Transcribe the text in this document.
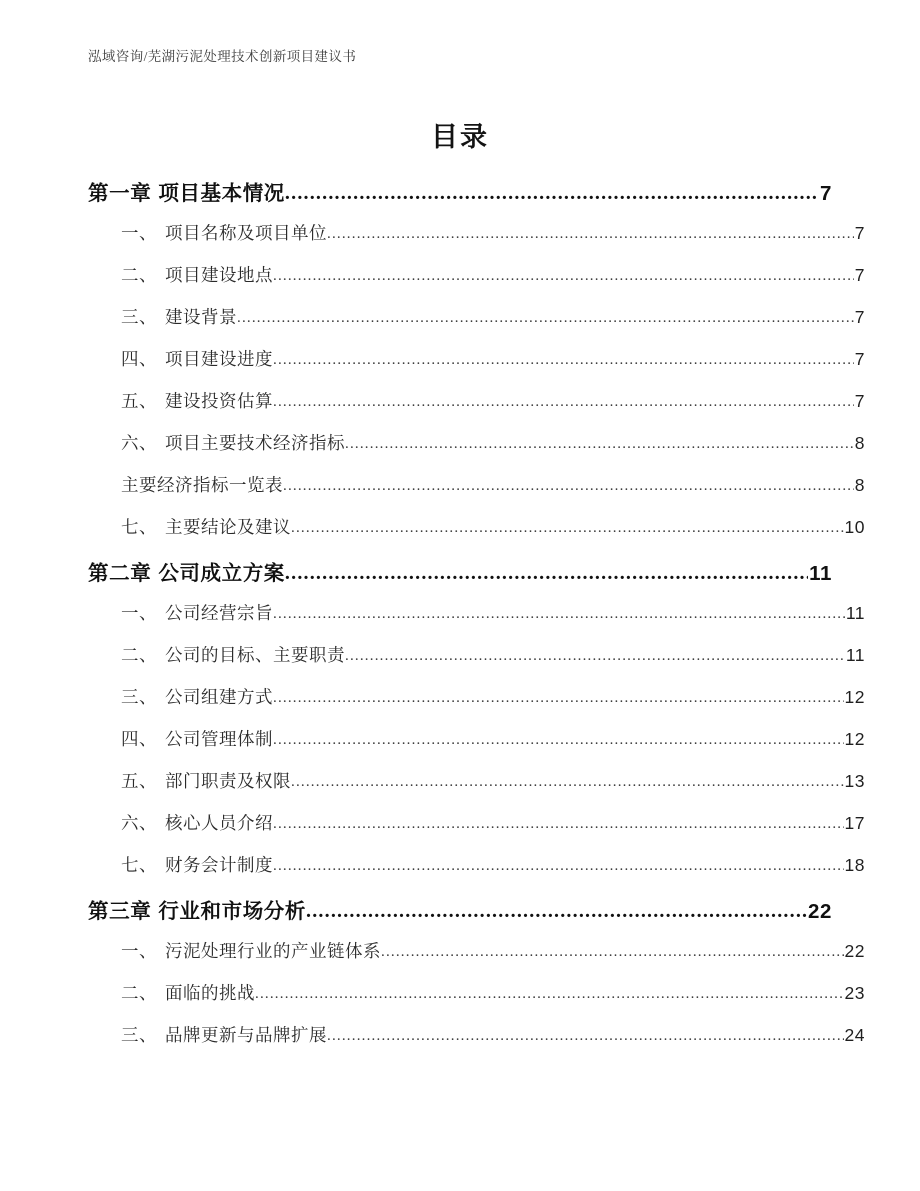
泓域咨询/芜湖污泥处理技术创新项目建议书
目录
第一章 项目基本情况 .....	7
一、 项目名称及项目单位 .....	7
二、 项目建设地点 .....	7
三、 建设背景 .....	7
四、 项目建设进度 .....	7
五、 建设投资估算 .....	7
六、 项目主要技术经济指标 .....	8
主要经济指标一览表 .....	8
七、 主要结论及建议 .....	10
第二章 公司成立方案 .....	11
一、 公司经营宗旨 .....	11
二、 公司的目标、主要职责 .....	11
三、 公司组建方式 .....	12
四、 公司管理体制 .....	12
五、 部门职责及权限 .....	13
六、 核心人员介绍 .....	17
七、 财务会计制度 .....	18
第三章 行业和市场分析 .....	22
一、 污泥处理行业的产业链体系 .....	22
二、 面临的挑战 .....	23
三、 品牌更新与品牌扩展 .....	24
